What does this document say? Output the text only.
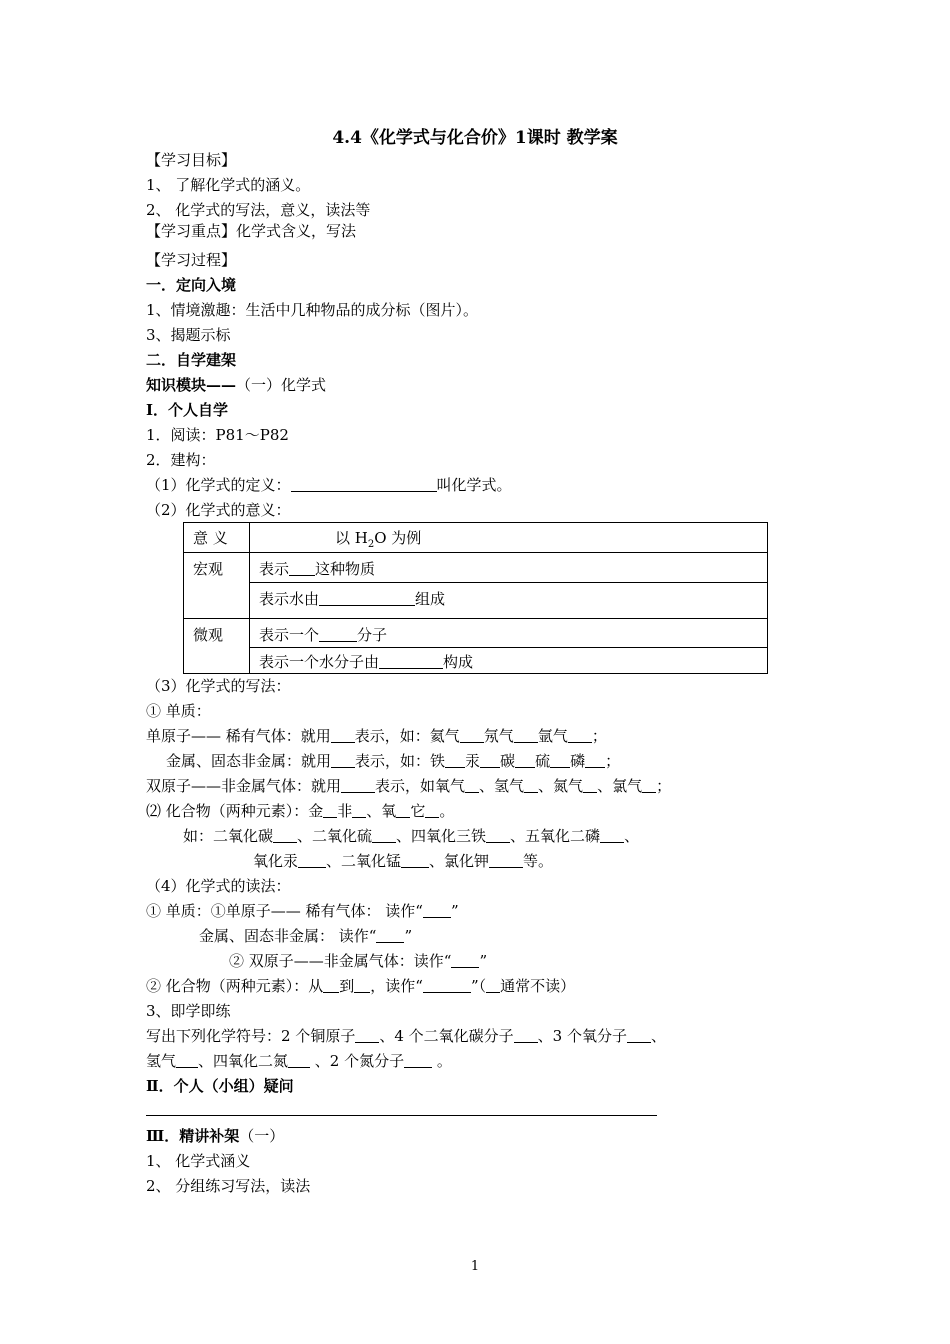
4.4《化学式与化合价》1课时 教学案
【学习目标】
1、 了解化学式的涵义。
2、 化学式的写法，意义，读法等
【学习重点】化学式含义，写法
【学习过程】
一．定向入境
1、情境激趣：生活中几种物品的成分标（图片）。
3、揭题示标
二．自学建架
知识模块——（一）化学式
Ⅰ．个人自学
1．阅读：P81～P82
2．建构：
（1）化学式的定义：	叫化学式。
（2）化学式的意义：
意 义	以 $H_2O$ 为例
宏观	表示 这种物质
	表示水由 组成
微观	表示一个 分子
	表示一个水分子由 构成
（3）化学式的写法：
① 单质：
单原子—— 稀有气体：就用 表示，如：氦气 氖气 氩气 ；
金属、固态非金属：就用 表示，如：铁 汞 碳 硫 磷 ；
双原子——非金属气体：就用 表示，如氧气 、氢气 、氮气 、氯气 ；
⑵ 化合物（两种元素）：金 非 、氧 它 。
如：二氧化碳 、二氧化硫 、四氧化三铁 、五氧化二磷 、
氧化汞 、二氧化锰 、氯化钾 等。
（4）化学式的读法：
① 单质：①单原子—— 稀有气体： 读作“ ”
金属、固态非金属： 读作“ ”
② 双原子——非金属气体：读作“ ”
② 化合物（两种元素）：从 到 ，读作“	”（ 通常不读）
3、即学即练
写出下列化学符号：2 个铜原子 、4 个二氧化碳分子 、3 个氧分子 、
氢气 、四氧化二氮 、2 个氮分子 。
Ⅱ．个人（小组）疑问
Ⅲ．精讲补架（一）
1、 化学式涵义
2、 分组练习写法，读法
1
